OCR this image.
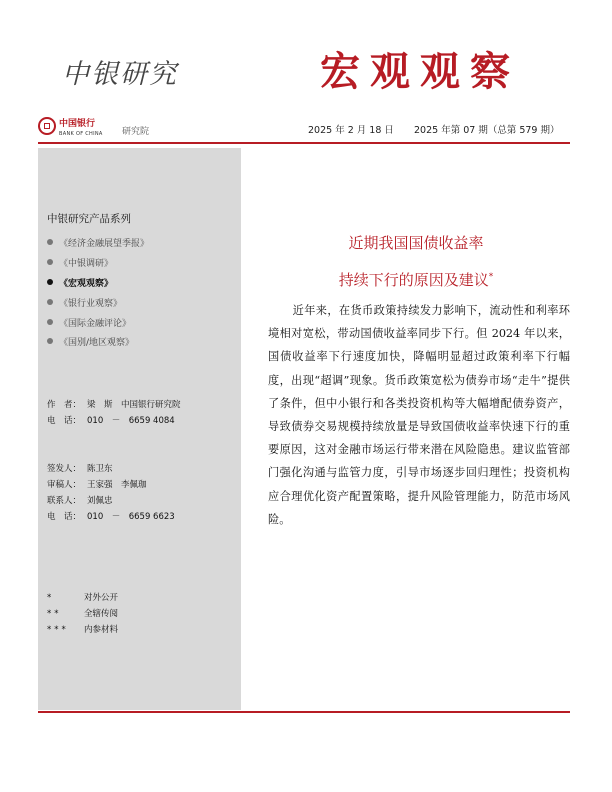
中银研究	宏观观察
中国银行
BANK OF CHINA 研究院	2025 年 2 月 18 日 2025 年第 07 期（总第 579 期）
中银研究产品系列
《经济金融展望季报》
《中银调研》
《宏观观察》
《银行业观察》
《国际金融评论》
《国别/地区观察》
作　者： 梁　斯　中国银行研究院
电　话： 010　－　6659 4084
签发人： 陈卫东
审稿人： 王家强　李佩珈
联系人： 刘佩忠
电　话： 010　－　6659 6623
*	对外公开
**	全辖传阅
*** 内参材料
近期我国国债收益率
持续下行的原因及建议*
近年来，在货币政策持续发力影响下，流动性和利率环境相对宽松，带动国债收益率同步下行。但 2024 年以来，国债收益率下行速度加快，降幅明显超过政策利率下行幅度，出现“超调”现象。货币政策宽松为债券市场“走牛”提供了条件，但中小银行和各类投资机构等大幅增配债券资产，导致债券交易规模持续放量是导致国债收益率快速下行的重要原因，这对金融市场运行带来潜在风险隐患。建议监管部门强化沟通与监管力度，引导市场逐步回归理性；投资机构应合理优化资产配置策略，提升风险管理能力，防范市场风险。
